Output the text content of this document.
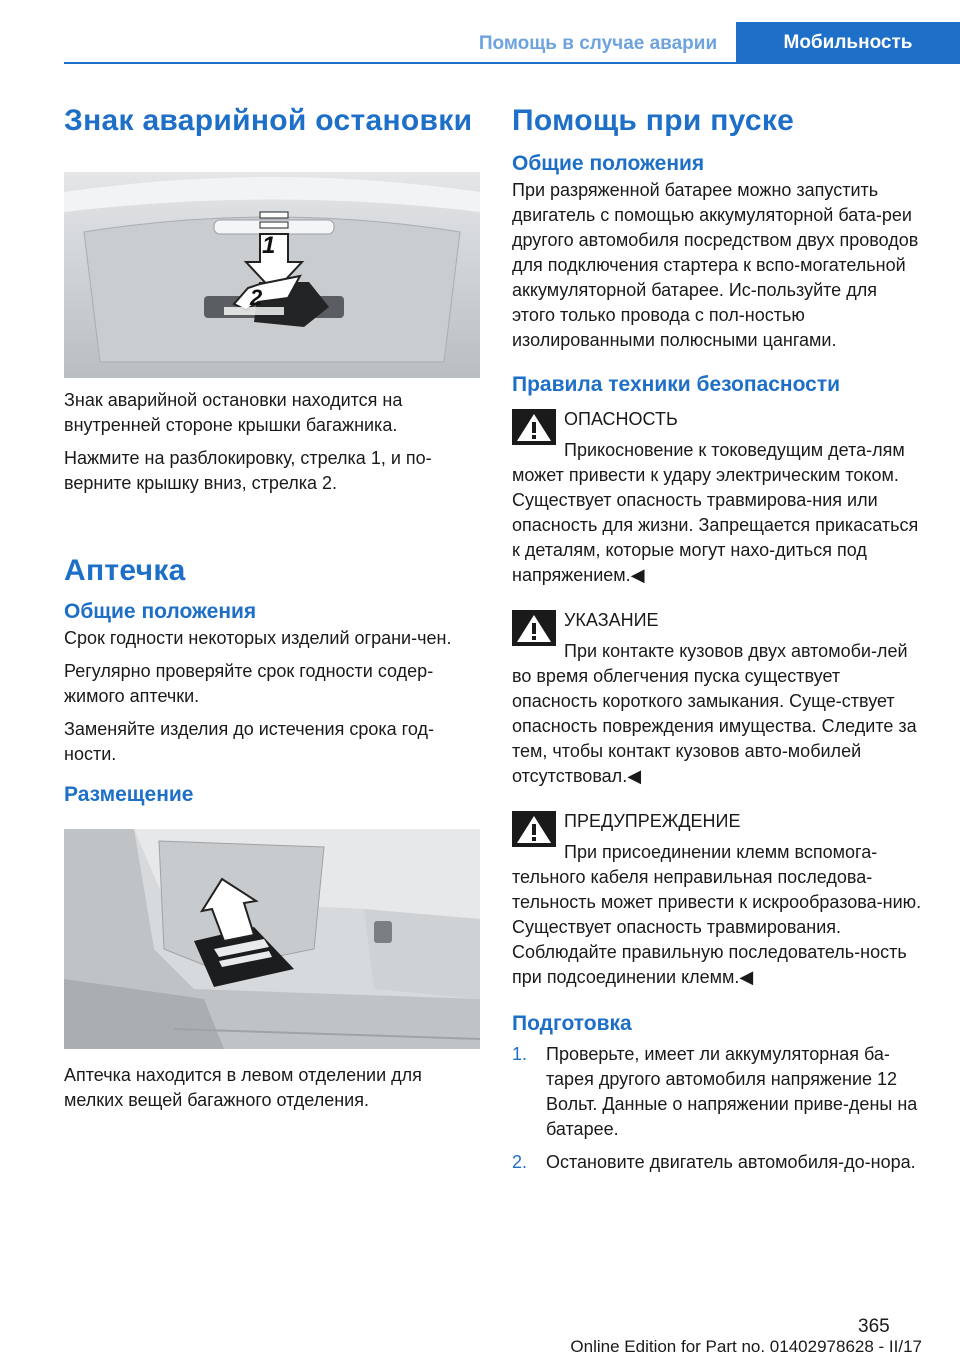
Помощь в случае аварии	Мобильность
Знак аварийной остановки
1
2

Знак аварийной остановки находится на внутренней стороне крышки багажника.

Нажмите на разблокировку, стрелка 1, и по-верните крышку вниз, стрелка 2.

Аптечка
Общие положения

Срок годности некоторых изделий ограни-чен.

Регулярно проверяйте срок годности содер-жимого аптечки.

Заменяйте изделия до истечения срока год-ности.

Размещение

Аптечка находится в левом отделении для мелких вещей багажного отделения.

Помощь при пуске
Общие положения

При разряженной батарее можно запустить двигатель с помощью аккумуляторной бата-реи другого автомобиля посредством двух проводов для подключения стартера к вспо-могательной аккумуляторной батарее. Ис-пользуйте для этого только провода с пол-ностью изолированными полюсными цангами.

Правила техники безопасности
ОПАСНОСТЬ

Прикосновение к токоведущим дета-лям может привести к удару электрическим током. Существует опасность травмирова-ния или опасность для жизни. Запрещается прикасаться к деталям, которые могут нахо-диться под напряжением.◀

УКАЗАНИЕ

При контакте кузовов двух автомоби-лей во время облегчения пуска существует опасность короткого замыкания. Суще-ствует опасность повреждения имущества. Следите за тем, чтобы контакт кузовов авто-мобилей отсутствовал.◀

ПРЕДУПРЕЖДЕНИЕ

При присоединении клемм вспомога-тельного кабеля неправильная последова-тельность может привести к искрообразова-нию. Существует опасность травмирования. Соблюдайте правильную последователь-ность при подсоединении клемм.◀

Подготовка
1. Проверьте, имеет ли аккумуляторная ба-тарея другого автомобиля напряжение 12 Вольт. Данные о напряжении приве-дены на батарее.
2. Остановите двигатель автомобиля-до-нора.
365
Online Edition for Part no. 01402978628 - II/17
